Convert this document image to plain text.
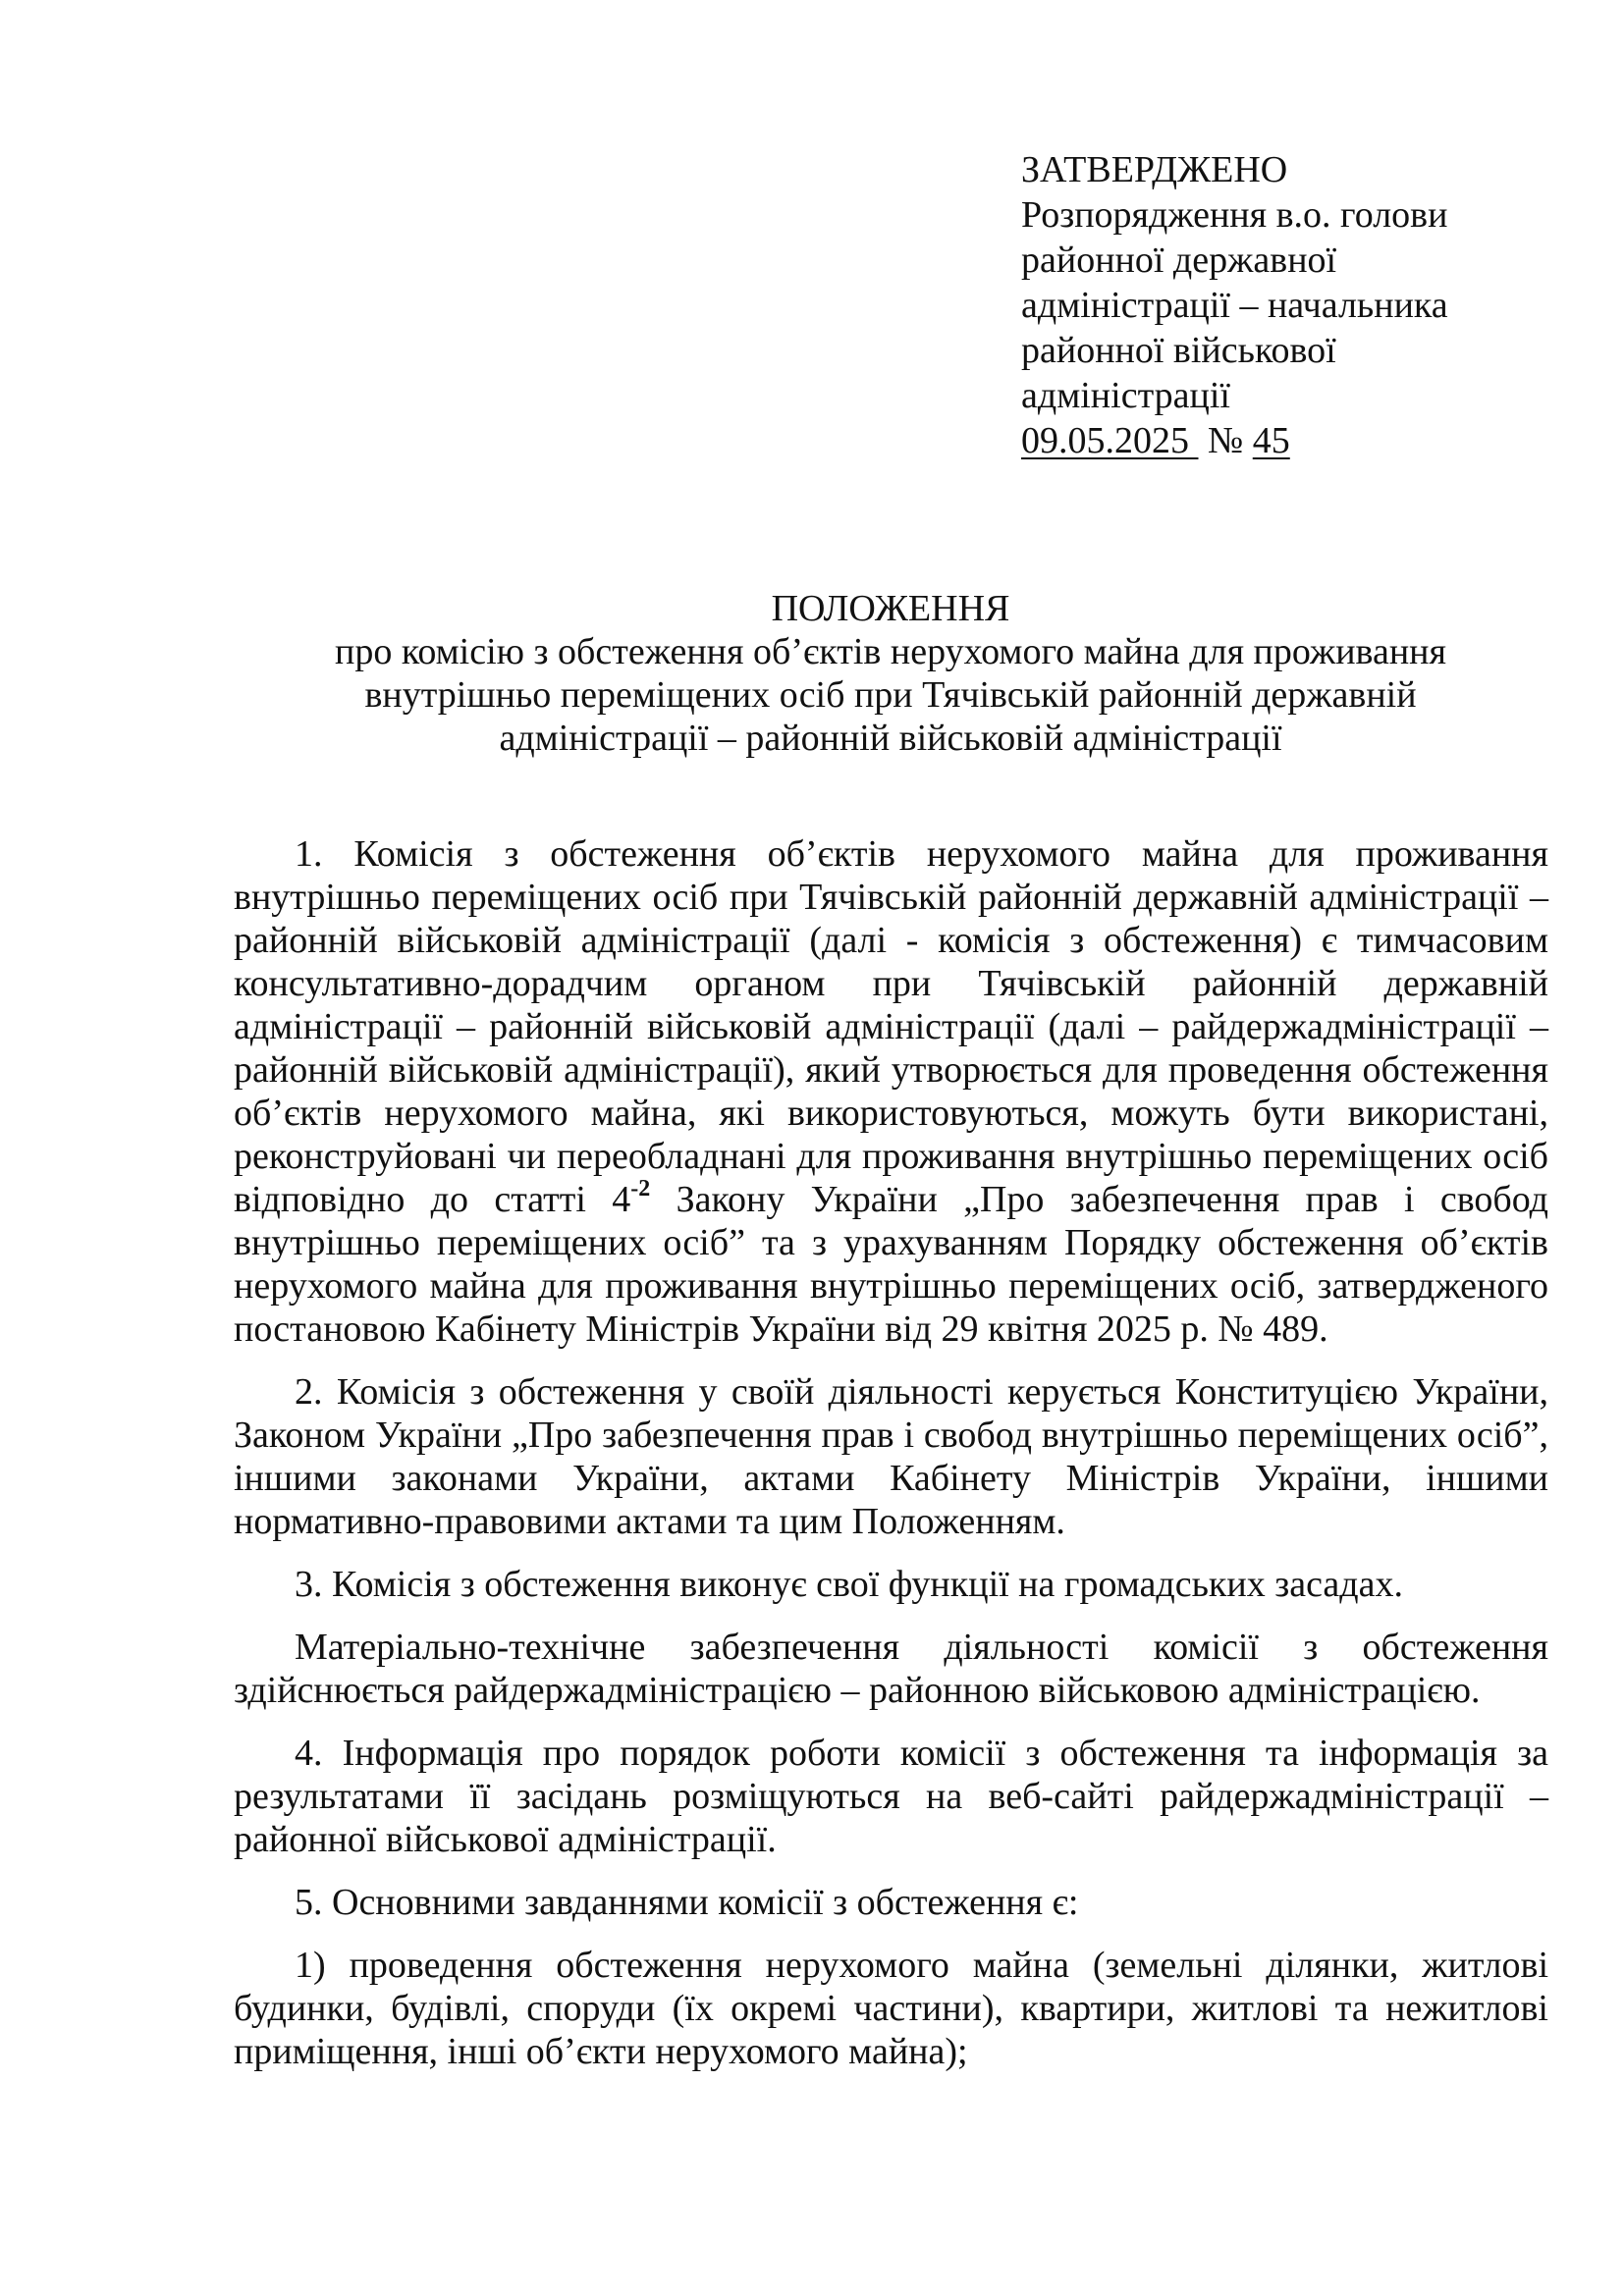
ЗАТВЕРДЖЕНО
Розпорядження в.о. голови
районної державної
адміністрації – начальника
районної військової
адміністрації
09.05.2025 № 45
ПОЛОЖЕННЯ
про комісію з обстеження об’єктів нерухомого майна для проживання
внутрішньо переміщених осіб при Тячівській районній державній
адміністрації – районній військовій адміністрації

1. Комісія з обстеження об’єктів нерухомого майна для проживання внутрішньо переміщених осіб при Тячівській районній державній адміністрації – районній військовій адміністрації (далі - комісія з обстеження) є тимчасовим консультативно-дорадчим органом при Тячівській районній державній адміністрації – районній військовій адміністрації (далі – райдержадміністрації – районній військовій адміністрації), який утворюється для проведення обстеження об’єктів нерухомого майна, які використовуються, можуть бути використані, реконструйовані чи переобладнані для проживання внутрішньо переміщених осіб відповідно до статті $4^{-2}$ Закону України „Про забезпечення прав і свобод внутрішньо переміщених осіб” та з урахуванням Порядку обстеження об’єктів нерухомого майна для проживання внутрішньо переміщених осіб, затвердженого постановою Кабінету Міністрів України від 29 квітня 2025 р. № 489.

2. Комісія з обстеження у своїй діяльності керується Конституцією України, Законом України „Про забезпечення прав і свобод внутрішньо переміщених осіб”, іншими законами України, актами Кабінету Міністрів України, іншими нормативно-правовими актами та цим Положенням.

3. Комісія з обстеження виконує свої функції на громадських засадах.

Матеріально-технічне забезпечення діяльності комісії з обстеження здійснюється райдержадміністрацією – районною військовою адміністрацією.

4. Інформація про порядок роботи комісії з обстеження та інформація за результатами її засідань розміщуються на веб-сайті райдержадміністрації – районної військової адміністрації.

5. Основними завданнями комісії з обстеження є:

1) проведення обстеження нерухомого майна (земельні ділянки, житлові будинки, будівлі, споруди (їх окремі частини), квартири, житлові та нежитлові приміщення, інші об’єкти нерухомого майна);
